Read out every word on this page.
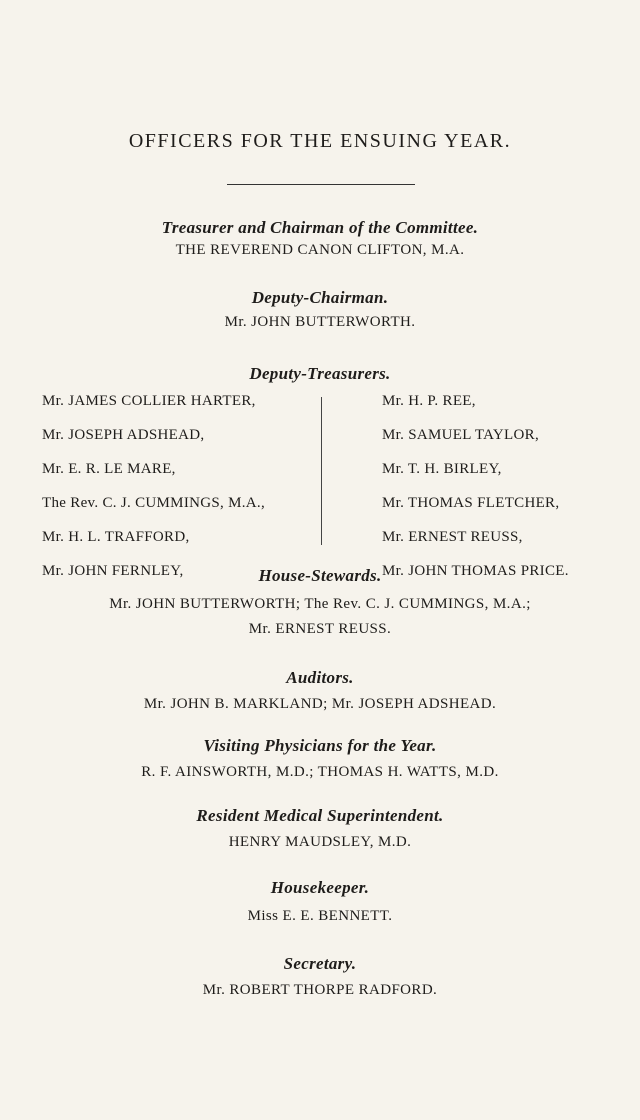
OFFICERS FOR THE ENSUING YEAR.
Treasurer and Chairman of the Committee.
THE REVEREND CANON CLIFTON, M.A.
Deputy-Chairman.
Mr. JOHN BUTTERWORTH.
Deputy-Treasurers.
Mr. JAMES COLLIER HARTER,
Mr. JOSEPH ADSHEAD,
Mr. E. R. LE MARE,
The Rev. C. J. CUMMINGS, M.A.,
Mr. H. L. TRAFFORD,
Mr. JOHN FERNLEY,
Mr. H. P. REE,
Mr. SAMUEL TAYLOR,
Mr. T. H. BIRLEY,
Mr. THOMAS FLETCHER,
Mr. ERNEST REUSS,
Mr. JOHN THOMAS PRICE.
House-Stewards.
Mr. JOHN BUTTERWORTH; The Rev. C. J. CUMMINGS, M.A.;
Mr. ERNEST REUSS.
Auditors.
Mr. JOHN B. MARKLAND; Mr. JOSEPH ADSHEAD.
Visiting Physicians for the Year.
R. F. AINSWORTH, M.D.; THOMAS H. WATTS, M.D.
Resident Medical Superintendent.
HENRY MAUDSLEY, M.D.
Housekeeper.
Miss E. E. BENNETT.
Secretary.
Mr. ROBERT THORPE RADFORD.
